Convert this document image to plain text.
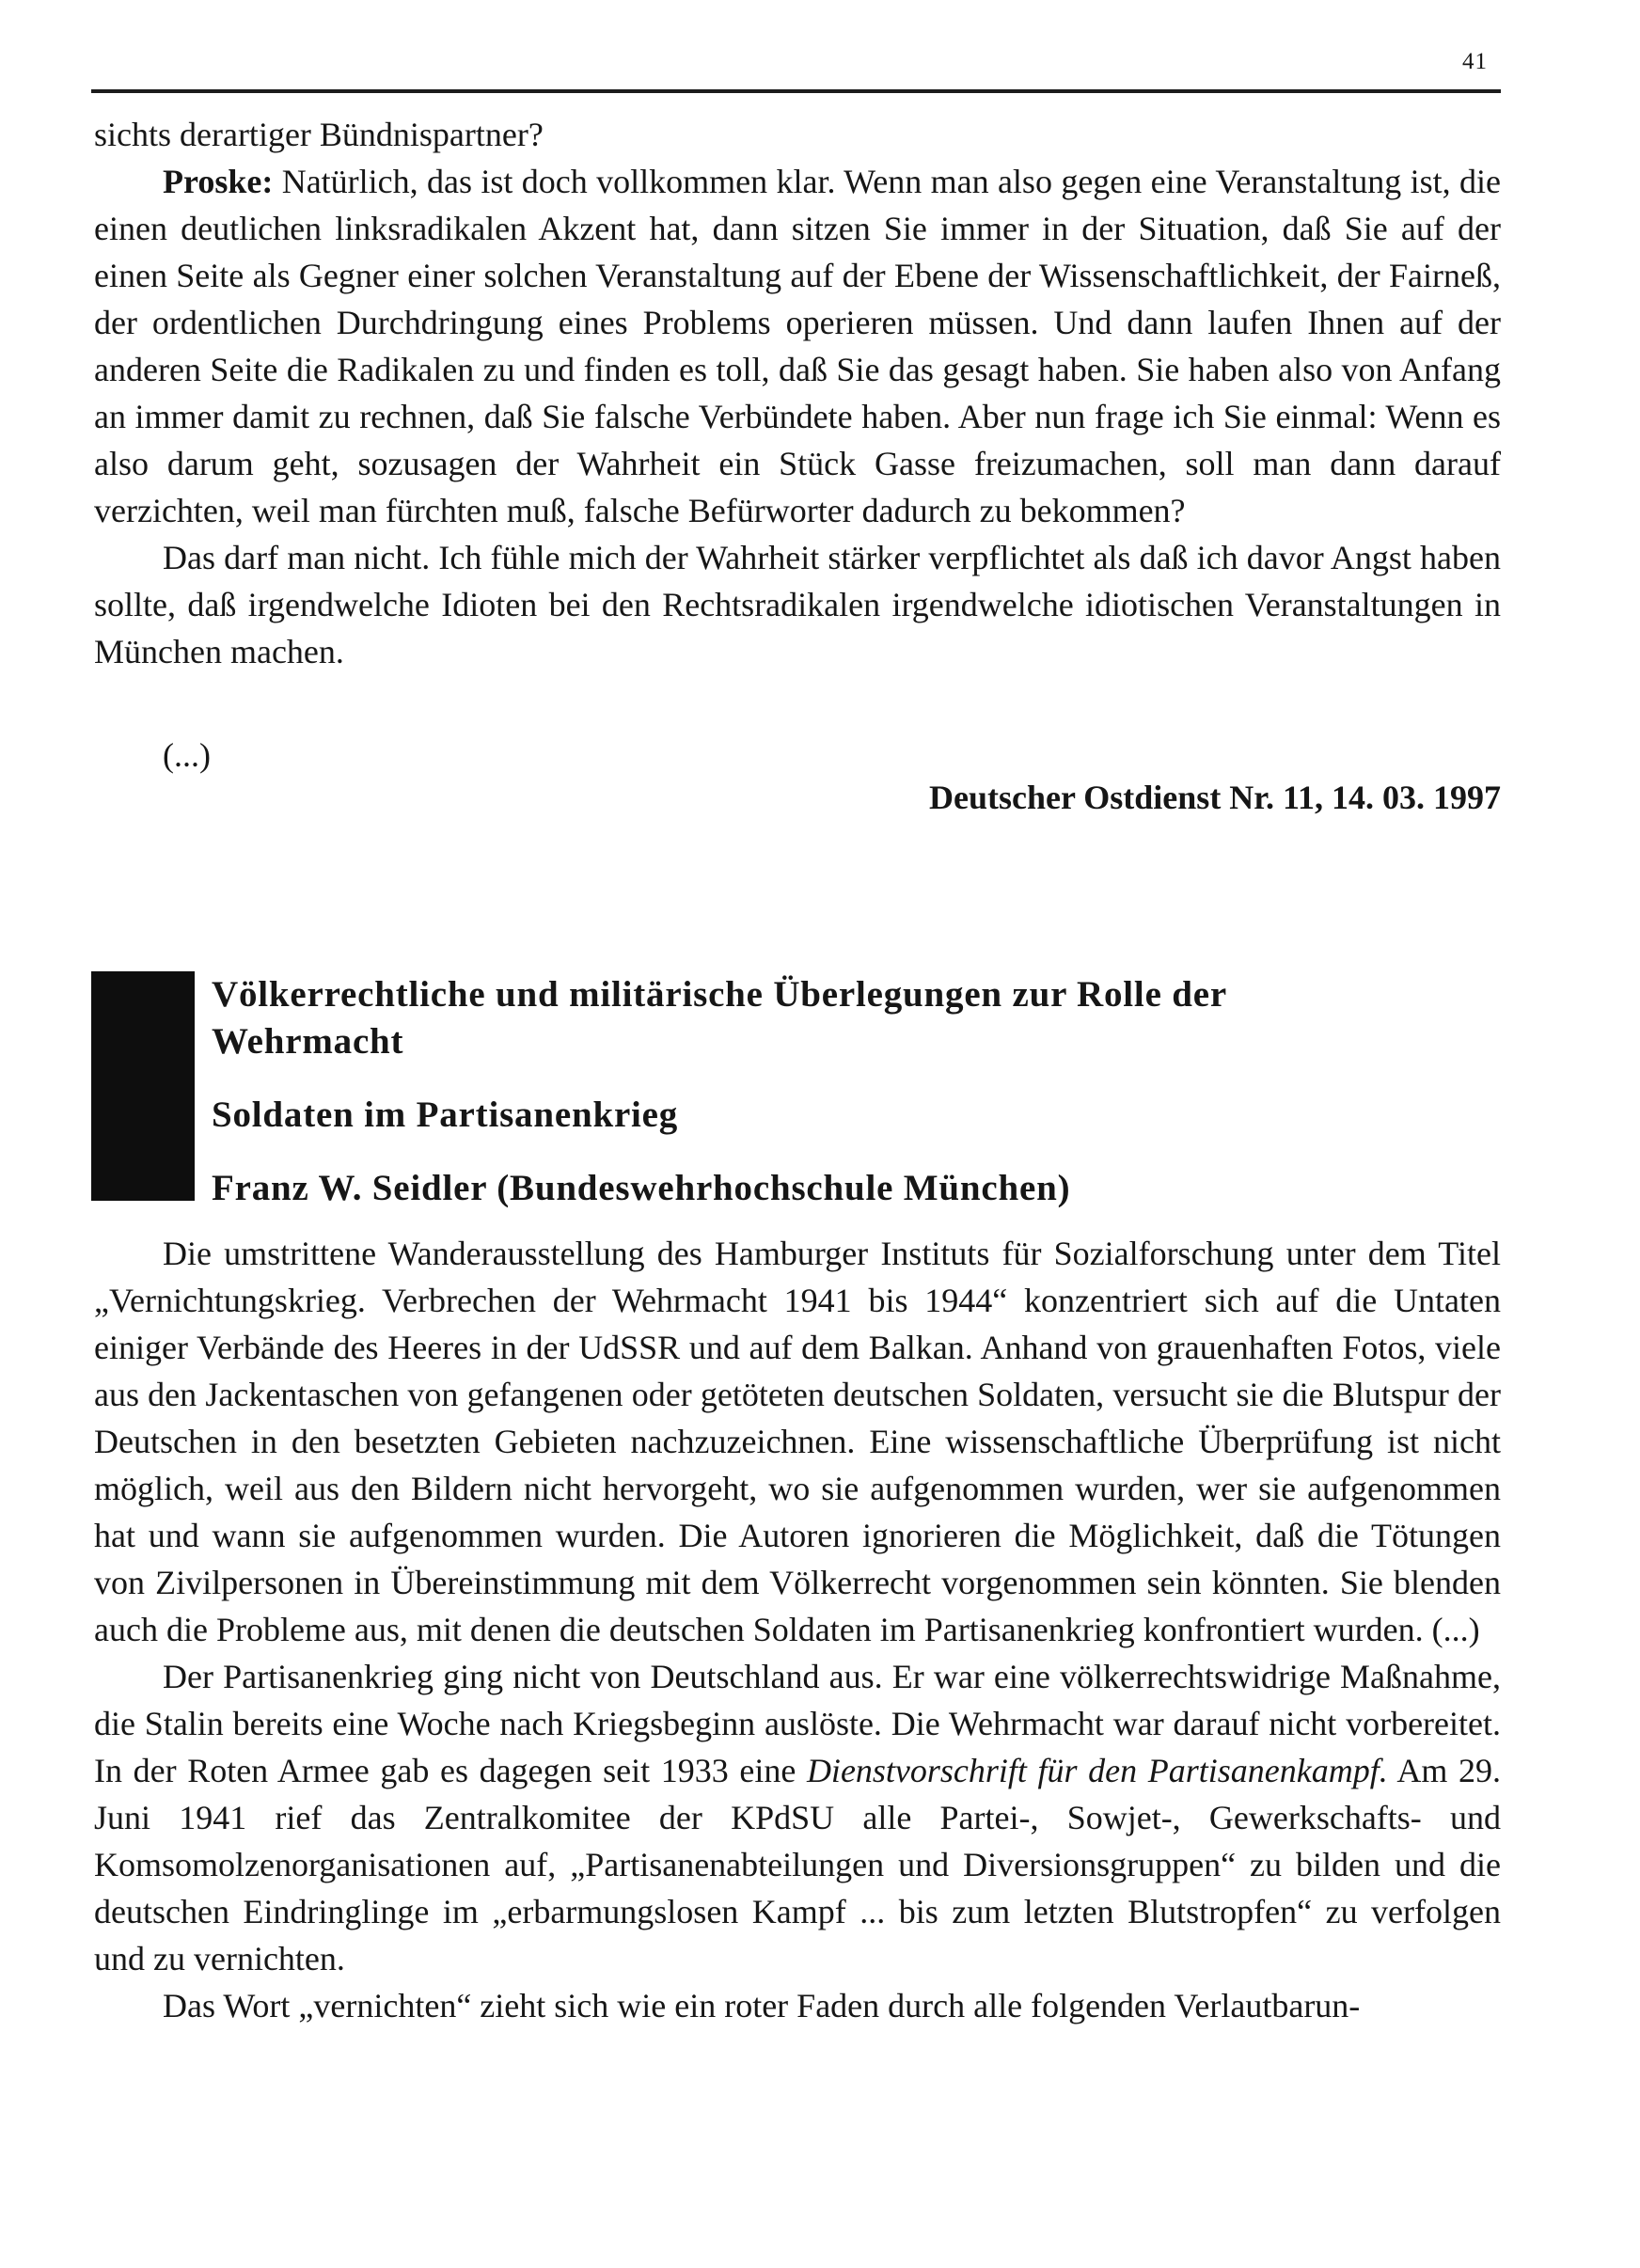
41

sichts derartiger Bündnispartner?

Proske: Natürlich, das ist doch vollkommen klar. Wenn man also gegen eine Veranstaltung ist, die einen deutlichen linksradikalen Akzent hat, dann sitzen Sie immer in der Situation, daß Sie auf der einen Seite als Gegner einer solchen Veranstaltung auf der Ebene der Wissenschaftlichkeit, der Fairneß, der ordentlichen Durchdringung eines Problems operieren müssen. Und dann laufen Ihnen auf der anderen Seite die Radikalen zu und finden es toll, daß Sie das gesagt haben. Sie haben also von Anfang an immer damit zu rechnen, daß Sie falsche Verbündete haben. Aber nun frage ich Sie einmal: Wenn es also darum geht, sozusagen der Wahrheit ein Stück Gasse freizumachen, soll man dann darauf verzichten, weil man fürchten muß, falsche Befürworter dadurch zu bekommen?

Das darf man nicht. Ich fühle mich der Wahrheit stärker verpflichtet als daß ich davor Angst haben sollte, daß irgendwelche Idioten bei den Rechtsradikalen irgendwelche idiotischen Veranstaltungen in München machen.

(...)
Deutscher Ostdienst Nr. 11, 14. 03. 1997
Völkerrechtliche und militärische Überlegungen zur Rolle der
Wehrmacht
Soldaten im Partisanenkrieg
Franz W. Seidler (Bundeswehrhochschule München)

Die umstrittene Wanderausstellung des Hamburger Instituts für Sozialforschung unter dem Titel „Vernichtungskrieg. Verbrechen der Wehrmacht 1941 bis 1944“ konzentriert sich auf die Untaten einiger Verbände des Heeres in der UdSSR und auf dem Balkan. Anhand von grauenhaften Fotos, viele aus den Jackentaschen von gefangenen oder getöteten deutschen Soldaten, versucht sie die Blutspur der Deutschen in den besetzten Gebieten nachzuzeichnen. Eine wissenschaftliche Überprüfung ist nicht möglich, weil aus den Bildern nicht hervorgeht, wo sie aufgenommen wurden, wer sie aufgenommen hat und wann sie aufgenommen wurden. Die Autoren ignorieren die Möglichkeit, daß die Tötungen von Zivilpersonen in Übereinstimmung mit dem Völkerrecht vorgenommen sein könnten. Sie blenden auch die Probleme aus, mit denen die deutschen Soldaten im Partisanenkrieg konfrontiert wurden. (...)

Der Partisanenkrieg ging nicht von Deutschland aus. Er war eine völkerrechtswidrige Maßnahme, die Stalin bereits eine Woche nach Kriegsbeginn auslöste. Die Wehrmacht war darauf nicht vorbereitet. In der Roten Armee gab es dagegen seit 1933 eine Dienstvorschrift für den Partisanenkampf. Am 29. Juni 1941 rief das Zentralkomitee der KPdSU alle Partei-, Sowjet-, Gewerkschafts- und Komsomolzenorganisationen auf, „Partisanenabteilungen und Diversionsgruppen“ zu bilden und die deutschen Eindringlinge im „erbarmungslosen Kampf ... bis zum letzten Blutstropfen“ zu verfolgen und zu vernichten.

Das Wort „vernichten“ zieht sich wie ein roter Faden durch alle folgenden Verlautbarun-
